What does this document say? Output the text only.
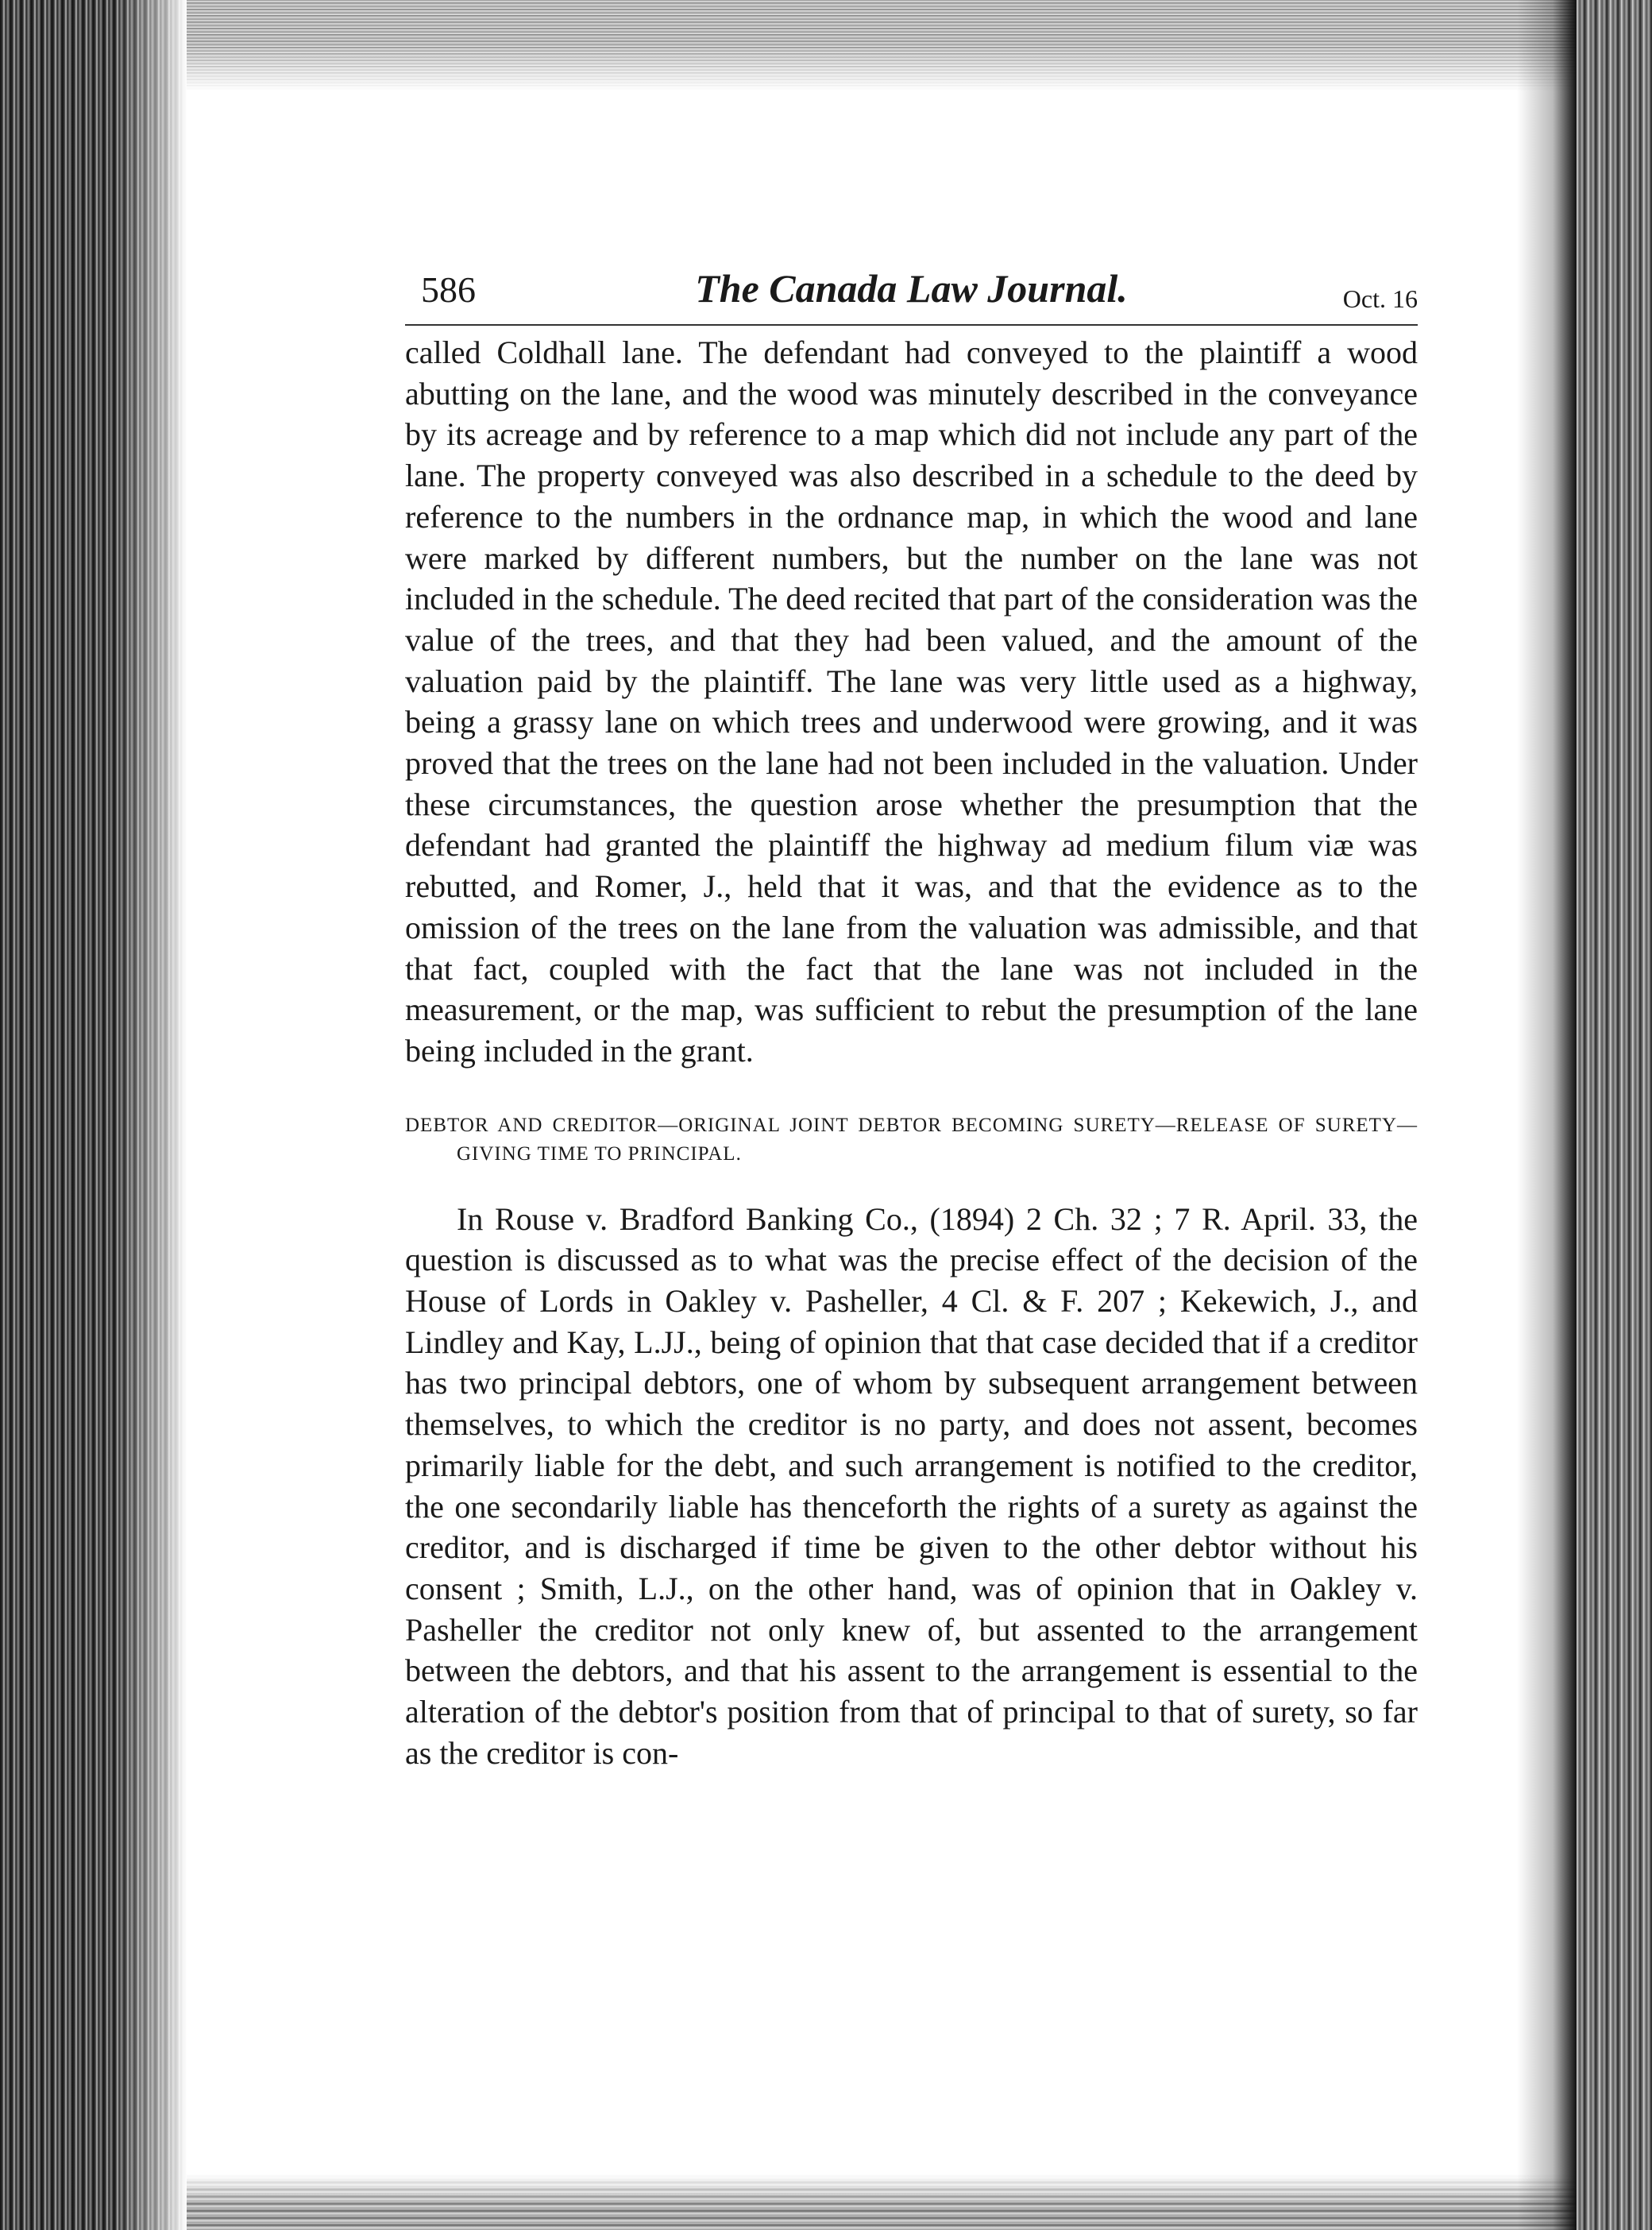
586	The Canada Law Journal.	Oct. 16

called Coldhall lane. The defendant had conveyed to the plaintiff a wood abutting on the lane, and the wood was minutely described in the conveyance by its acreage and by reference to a map which did not include any part of the lane. The property conveyed was also described in a schedule to the deed by reference to the numbers in the ordnance map, in which the wood and lane were marked by different numbers, but the number on the lane was not included in the schedule. The deed recited that part of the consideration was the value of the trees, and that they had been valued, and the amount of the valuation paid by the plaintiff. The lane was very little used as a highway, being a grassy lane on which trees and underwood were growing, and it was proved that the trees on the lane had not been included in the valuation. Under these circumstances, the question arose whether the presumption that the defendant had granted the plaintiff the highway ad medium filum viæ was rebutted, and Romer, J., held that it was, and that the evidence as to the omission of the trees on the lane from the valuation was admissible, and that that fact, coupled with the fact that the lane was not included in the measurement, or the map, was sufficient to rebut the presumption of the lane being included in the grant.

DEBTOR AND CREDITOR—ORIGINAL JOINT DEBTOR BECOMING SURETY—RELEASE OF SURETY—GIVING TIME TO PRINCIPAL.

In Rouse v. Bradford Banking Co., (1894) 2 Ch. 32 ; 7 R. April. 33, the question is discussed as to what was the precise effect of the decision of the House of Lords in Oakley v. Pasheller, 4 Cl. & F. 207 ; Kekewich, J., and Lindley and Kay, L.JJ., being of opinion that that case decided that if a creditor has two principal debtors, one of whom by subsequent arrangement between themselves, to which the creditor is no party, and does not assent, becomes primarily liable for the debt, and such arrangement is notified to the creditor, the one secondarily liable has thenceforth the rights of a surety as against the creditor, and is discharged if time be given to the other debtor without his consent ; Smith, L.J., on the other hand, was of opinion that in Oakley v. Pasheller the creditor not only knew of, but assented to the arrangement between the debtors, and that his assent to the arrangement is essential to the alteration of the debtor's position from that of principal to that of surety, so far as the creditor is con-
